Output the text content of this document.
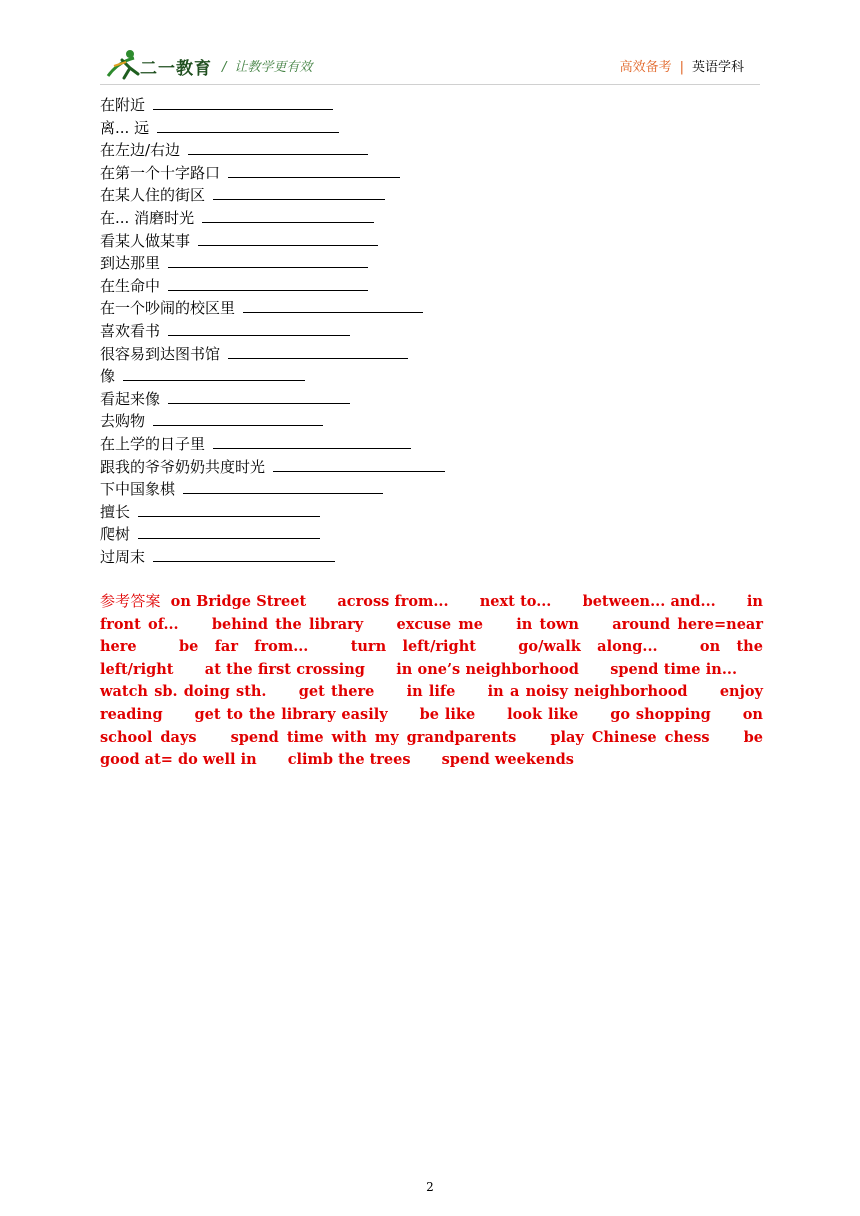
二一教育 / 让教学更有效	高效备考 | 英语学科
在附近
离... 远
在左边/右边
在第一个十字路口
在某人住的街区
在... 消磨时光
看某人做某事
到达那里
在生命中
在一个吵闹的校区里
喜欢看书
很容易到达图书馆
像
看起来像
去购物
在上学的日子里
跟我的爷爷奶奶共度时光
下中国象棋
擅长
爬树
过周末
参考答案 on Bridge Street across from... next to... between... and... in front of... behind the library excuse me in town around here=near here	be far from...	turn left/right	go/walk along...	on the left/right at the first crossing in one’s neighborhood spend time in... watch sb. doing sth. get there in life in a noisy neighborhood enjoy reading get to the library easily be like look like go shopping on school days spend time with my grandparents play Chinese chess be good at= do well in climb the trees spend weekends
2
